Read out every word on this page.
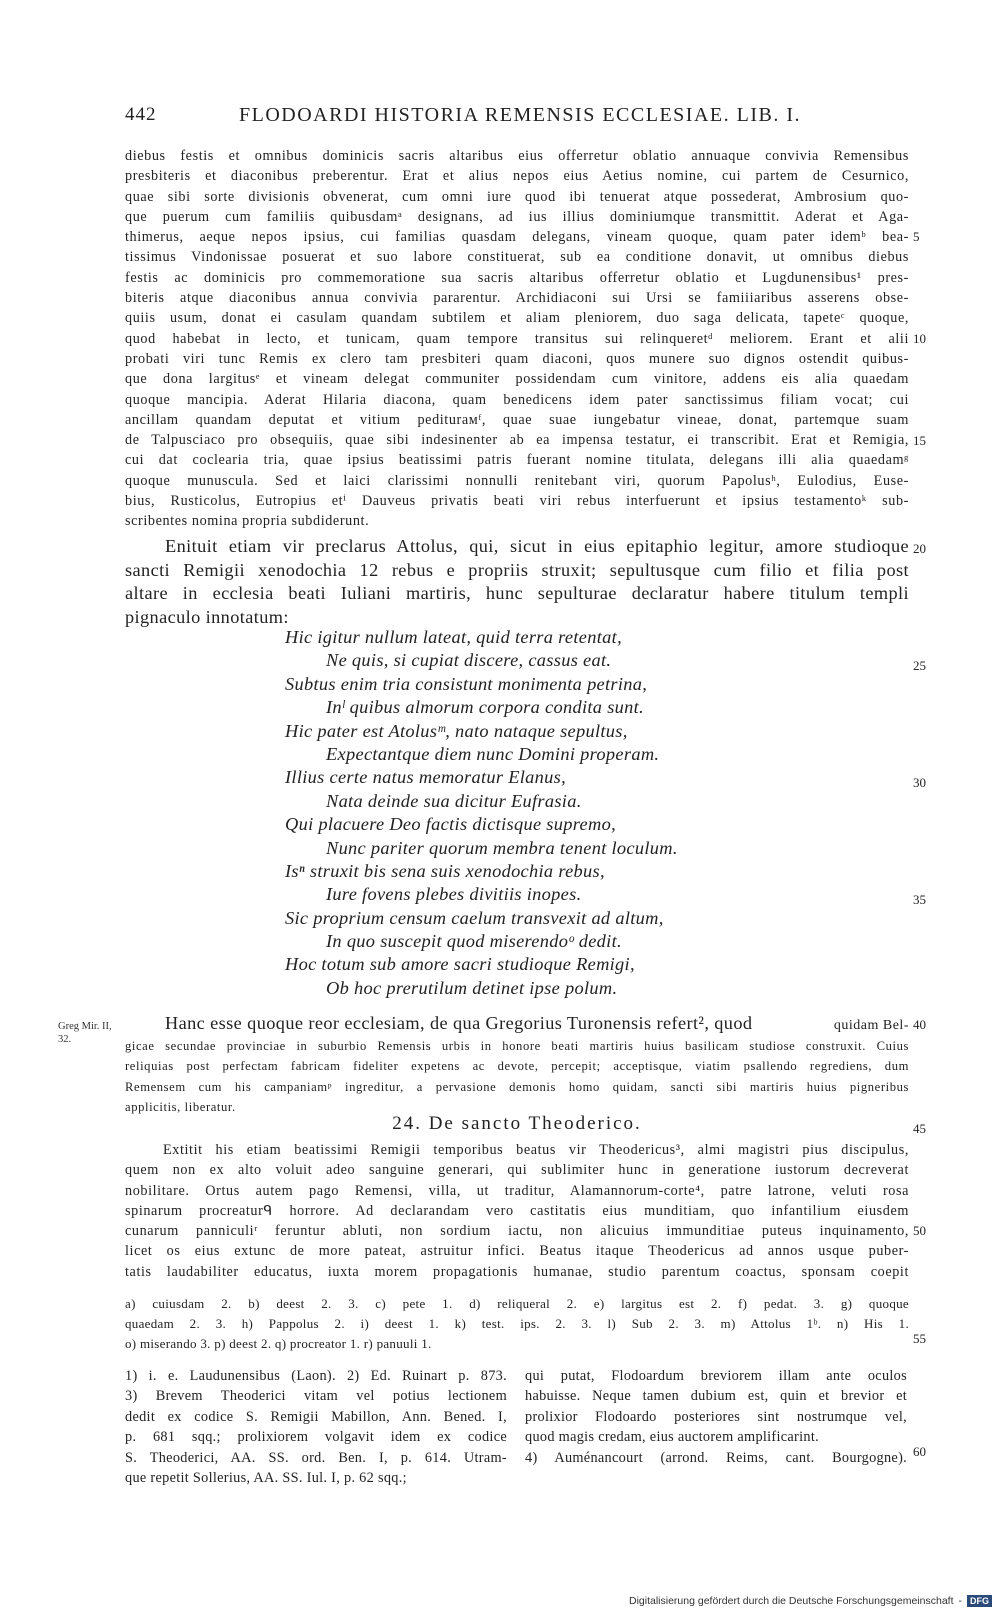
442	FLODOARDI HISTORIA REMENSIS ECCLESIAE. LIB. I.
diebus festis et omnibus dominicis sacris altaribus eius offerretur oblatio annuaque convivia Remensibus
presbiteris et diaconibus preberentur. Erat et alius nepos eius Aetius nomine, cui partem de Cesurnico,
quae sibi sorte divisionis obvenerat, cum omni iure quod ibi tenuerat atque possederat, Ambrosium quo-
que puerum cum familiis quibusdamᵃ designans, ad ius illius dominiumque transmittit. Aderat et Aga-
thimerus, aeque nepos ipsius, cui familias quasdam delegans, vineam quoque, quam pater idemᵇ bea-
tissimus Vindonissae posuerat et suo labore constituerat, sub ea conditione donavit, ut omnibus diebus
festis ac dominicis pro commemoratione sua sacris altaribus offerretur oblatio et Lugdunensibus¹ pres-
biteris atque diaconibus annua convivia pararentur. Archidiaconi sui Ursi se famiiiaribus asserens obse-
quiis usum, donat ei casulam quandam subtilem et aliam pleniorem, duo saga delicata, tapeteᶜ quoque,
quod habebat in lecto, et tunicam, quam tempore transitus sui relinqueretᵈ meliorem. Erant et alii
probati viri tunc Remis ex clero tam presbiteri quam diaconi, quos munere suo dignos ostendit quibus-
que dona largitusᵉ et vineam delegat communiter possidendam cum vinitore, addens eis alia quaedam
quoque mancipia. Aderat Hilaria diacona, quam benedicens idem pater sanctissimus filiam vocat; cui
ancillam quandam deputat et vitium pediturамᶠ, quae suae iungebatur vineae, donat, partemque suam
de Talpusciaco pro obsequiis, quae sibi indesinenter ab ea impensa testatur, ei transcribit. Erat et Remigia,
cui dat coclearia tria, quae ipsius beatissimi patris fuerant nomine titulata, delegans illi alia quaedamᵍ
quoque munuscula. Sed et laici clarissimi nonnulli renitebant viri, quorum Papolusʰ, Eulodius, Euse-
bius, Rusticolus, Eutropius etⁱ Dauveus privatis beati viri rebus interfuerunt et ipsius testamentoᵏ sub-
scribentes nomina propria subdiderunt.
Enituit etiam vir preclarus Attolus, qui, sicut in eius epitaphio legitur, amore studioque
sancti Remigii xenodochia 12 rebus e propriis struxit; sepultusque cum filio et filia post
altare in ecclesia beati Iuliani martiris, hunc sepulturae declaratur habere titulum templi
pignaculo innotatum:
Hic igitur nullum lateat, quid terra retentat,
Ne quis, si cupiat discere, cassus eat.
Subtus enim tria consistunt monimenta petrina,
Inˡ quibus almorum corpora condita sunt.
Hic pater est Atolusᵐ, nato nataque sepultus,
Expectantque diem nunc Domini properam.
Illius certe natus memoratur Elanus,
Nata deinde sua dicitur Eufrasia.
Qui placuere Deo factis dictisque supremo,
Nunc pariter quorum membra tenent loculum.
Isⁿ struxit bis sena suis xenodochia rebus,
Iure fovens plebes divitiis inopes.
Sic proprium censum caelum transvexit ad altum,
In quo suscepit quod miserendoᵒ dedit.
Hoc totum sub amore sacri studioque Remigi,
Ob hoc prerutilum detinet ipse polum.
Greg Mir. II, 32.
Hanc esse quoque reor ecclesiam, de qua Gregorius Turonensis refert², quod	quidam Bel-
gicae secundae provinciae in suburbio Remensis urbis in honore beati martiris huius basilicam studiose construxit. Cuius
reliquias post perfectam fabricam fideliter expetens ac devote, percepit; acceptisque, viatim psallendo regrediens, dum
Remensem cum his campaniamᵖ ingreditur, a pervasione demonis homo quidam, sancti sibi martiris huius pigneribus
applicitis, liberatur.
24. De sancto Theoderico.
Extitit his etiam beatissimi Remigii temporibus beatus vir Theodericus³, almi magistri pius discipulus,
quem non ex alto voluit adeo sanguine generari, qui sublimiter hunc in generatione iustorum decreverat
nobilitare. Ortus autem pago Remensi, villa, ut traditur, Alamannorum-corte⁴, patre latrone, veluti rosa
spinarum procreaturᑫ horrore. Ad declarandam vero castitatis eius munditiam, quo infantilium eiusdem
cunarum panniculiʳ feruntur abluti, non sordium iactu, non alicuius immunditiae puteus inquinamento,
licet os eius extunc de more pateat, astruitur infici. Beatus itaque Theodericus ad annos usque puber-
tatis laudabiliter educatus, iuxta morem propagationis humanae, studio parentum coactus, sponsam coepit
a) cuiusdam 2. b) deest 2. 3. c) pete 1. d) reliqueral 2. e) largitus est 2. f) pedat. 3. g) quoque
quaedam 2. 3. h) Pappolus 2. i) deest 1. k) test. ips. 2. 3. l) Sub 2. 3. m) Attolus 1ᵇ. n) His 1.
o) miserando 3. p) deest 2. q) procreator 1. r) panuuli 1.
1) i. e. Laudunensibus (Laon). 2) Ed. Ruinart p. 873.
3) Brevem Theoderici vitam vel potius lectionem
dedit ex codice S. Remigii Mabillon, Ann. Bened. I,
p. 681 sqq.; prolixiorem volgavit idem ex codice
S. Theoderici, AA. SS. ord. Ben. I, p. 614. Utram-
que repetit Sollerius, AA. SS. Iul. I, p. 62 sqq.;
qui putat, Flodoardum breviorem illam ante oculos
habuisse. Neque tamen dubium est, quin et brevior et
prolixior Flodoardo posteriores sint nostrumque vel,
quod magis credam, eius auctorem amplificarint.
4) Auménancourt (arrond. Reims, cant. Bourgogne).
5
10
15
20
25
30
35
40
45
50
55
60
Digitalisierung gefördert durch die Deutsche Forschungsgemeinschaft - DFG
